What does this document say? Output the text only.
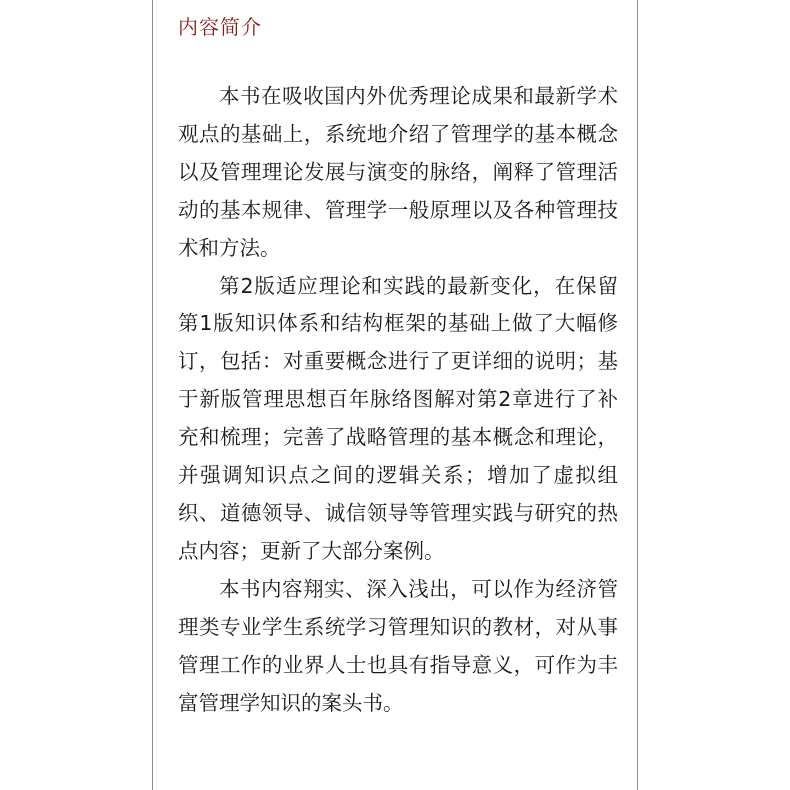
内容简介

本书在吸收国内外优秀理论成果和最新学术观点的基础上，系统地介绍了管理学的基本概念以及管理理论发展与演变的脉络，阐释了管理活动的基本规律、管理学一般原理以及各种管理技术和方法。

第2版适应理论和实践的最新变化，在保留第1版知识体系和结构框架的基础上做了大幅修订，包括：对重要概念进行了更详细的说明；基于新版管理思想百年脉络图解对第2章进行了补充和梳理；完善了战略管理的基本概念和理论，并强调知识点之间的逻辑关系；增加了虚拟组织、道德领导、诚信领导等管理实践与研究的热点内容；更新了大部分案例。

本书内容翔实、深入浅出，可以作为经济管理类专业学生系统学习管理知识的教材，对从事管理工作的业界人士也具有指导意义，可作为丰富管理学知识的案头书。
